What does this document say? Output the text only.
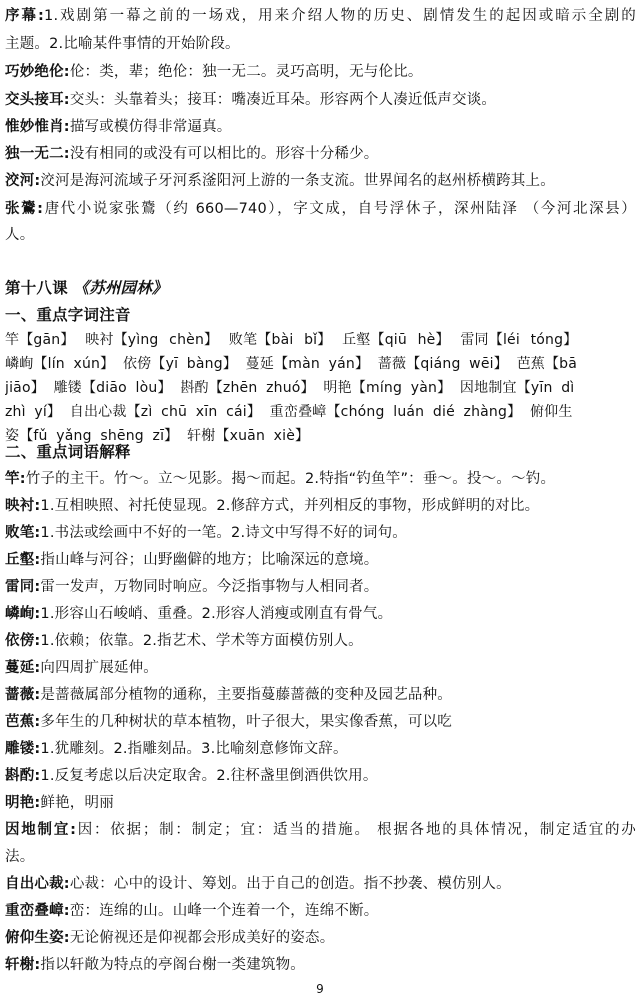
序幕:1.戏剧第一幕之前的一场戏，用来介绍人物的历史、剧情发生的起因或暗示全剧的
主题。2.比喻某件事情的开始阶段。
巧妙绝伦:伦：类，辈；绝伦：独一无二。灵巧高明，无与伦比。
交头接耳:交头：头靠着头；接耳：嘴凑近耳朵。形容两个人凑近低声交谈。
惟妙惟肖:描写或模仿得非常逼真。
独一无二:没有相同的或没有可以相比的。形容十分稀少。
洨河:洨河是海河流域子牙河系滏阳河上游的一条支流。世界闻名的赵州桥横跨其上。
张鷟:唐代小说家张鷟（约 660—740），字文成，自号浮休子，深州陆泽 （今河北深县）
人。
第十八课 《苏州园林》
一、重点字词注音
竿【gān】 映衬【yìng chèn】 败笔【bài bǐ】 丘壑【qiū hè】 雷同【léi tóng】
嶙峋【lín xún】 依傍【yī bàng】 蔓延【màn yán】 蔷薇【qiáng wēi】 芭蕉【bā
jiāo】 雕镂【diāo lòu】 斟酌【zhēn zhuó】 明艳【míng yàn】 因地制宜【yīn dì
zhì yí】 自出心裁【zì chū xīn cái】 重峦叠嶂【chóng luán dié zhàng】 俯仰生
姿【fǔ yǎng shēng zī】 轩榭【xuān xiè】
二、重点词语解释
竿:竹子的主干。竹～。立～见影。揭～而起。2.特指“钓鱼竿”：垂～。投～。～钓。
映衬:1.互相映照、衬托使显现。2.修辞方式，并列相反的事物，形成鲜明的对比。
败笔:1.书法或绘画中不好的一笔。2.诗文中写得不好的词句。
丘壑:指山峰与河谷；山野幽僻的地方；比喻深远的意境。
雷同:雷一发声，万物同时响应。今泛指事物与人相同者。
嶙峋:1.形容山石峻峭、重叠。2.形容人消瘦或刚直有骨气。
依傍:1.依赖；依靠。2.指艺术、学术等方面模仿别人。
蔓延:向四周扩展延伸。
蔷薇:是蔷薇属部分植物的通称，主要指蔓藤蔷薇的变种及园艺品种。
芭蕉:多年生的几种树状的草本植物，叶子很大，果实像香蕉，可以吃
雕镂:1.犹雕刻。2.指雕刻品。3.比喻刻意修饰文辞。
斟酌:1.反复考虑以后决定取舍。2.往杯盏里倒酒供饮用。
明艳:鲜艳，明丽
因地制宜:因：依据；制：制定；宜：适当的措施。 根据各地的具体情况，制定适宜的办
法。
自出心裁:心裁：心中的设计、筹划。出于自己的创造。指不抄袭、模仿别人。
重峦叠嶂:峦：连绵的山。山峰一个连着一个，连绵不断。
俯仰生姿:无论俯视还是仰视都会形成美好的姿态。
轩榭:指以轩敞为特点的亭阁台榭一类建筑物。
9
